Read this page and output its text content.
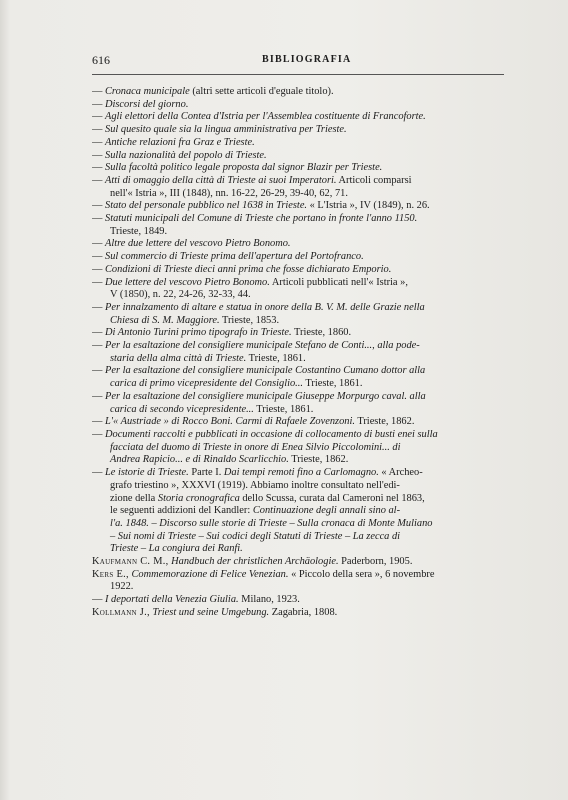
616	BIBLIOGRAFIA

— Cronaca municipale (altri sette articoli d'eguale titolo).

— Discorsi del giorno.

— Agli elettori della Contea d'Istria per l'Assemblea costituente di Francoforte.

— Sul quesito quale sia la lingua amministrativa per Trieste.

— Antiche relazioni fra Graz e Trieste.

— Sulla nazionalità del popolo di Trieste.

— Sulla facoltà politico legale proposta dal signor Blazir per Trieste.

— Atti di omaggio della città di Trieste ai suoi Imperatori. Articoli comparsi

nell'« Istria », III (1848), nn. 16-22, 26-29, 39-40, 62, 71.

— Stato del personale pubblico nel 1638 in Trieste. « L'Istria », IV (1849), n. 26.

— Statuti municipali del Comune di Trieste che portano in fronte l'anno 1150.

Trieste, 1849.

— Altre due lettere del vescovo Pietro Bonomo.

— Sul commercio di Trieste prima dell'apertura del Portofranco.

— Condizioni di Trieste dieci anni prima che fosse dichiarato Emporio.

— Due lettere del vescovo Pietro Bonomo. Articoli pubblicati nell'« Istria »,

V (1850), n. 22, 24-26, 32-33, 44.

— Per innalzamento di altare e statua in onore della B. V. M. delle Grazie nella

Chiesa di S. M. Maggiore. Trieste, 1853.

— Di Antonio Turini primo tipografo in Trieste. Trieste, 1860.

— Per la esaltazione del consigliere municipale Stefano de Conti..., alla pode-

staria della alma città di Trieste. Trieste, 1861.

— Per la esaltazione del consigliere municipale Costantino Cumano dottor alla

carica di primo vicepresidente del Consiglio... Trieste, 1861.

— Per la esaltazione del consigliere municipale Giuseppe Morpurgo caval. alla

carica di secondo vicepresidente... Trieste, 1861.

— L'« Austriade » di Rocco Boni. Carmi di Rafaele Zovenzoni. Trieste, 1862.

— Documenti raccolti e pubblicati in occasione di collocamento di busti enei sulla

facciata del duomo di Trieste in onore di Enea Silvio Piccolomini... di

Andrea Rapicio... e di Rinaldo Scarlicchio. Trieste, 1862.

— Le istorie di Trieste. Parte I. Dai tempi remoti fino a Carlomagno. « Archeo-

grafo triestino », XXXVI (1919). Abbiamo inoltre consultato nell'edi-

zione della Storia cronografica dello Scussa, curata dal Cameroni nel 1863,

le seguenti addizioni del Kandler: Continuazione degli annali sino al-

l'a. 1848. – Discorso sulle storie di Trieste – Sulla cronaca di Monte Muliano

– Sui nomi di Trieste – Sui codici degli Statuti di Trieste – La zecca di

Trieste – La congiura dei Ranfi.

Kaufmann C. M., Handbuch der christlichen Archäologie. Paderborn, 1905.

Kers E., Commemorazione di Felice Venezian. « Piccolo della sera », 6 novembre

1922.

— I deportati della Venezia Giulia. Milano, 1923.

Kollmann J., Triest und seine Umgebung. Zagabria, 1808.
